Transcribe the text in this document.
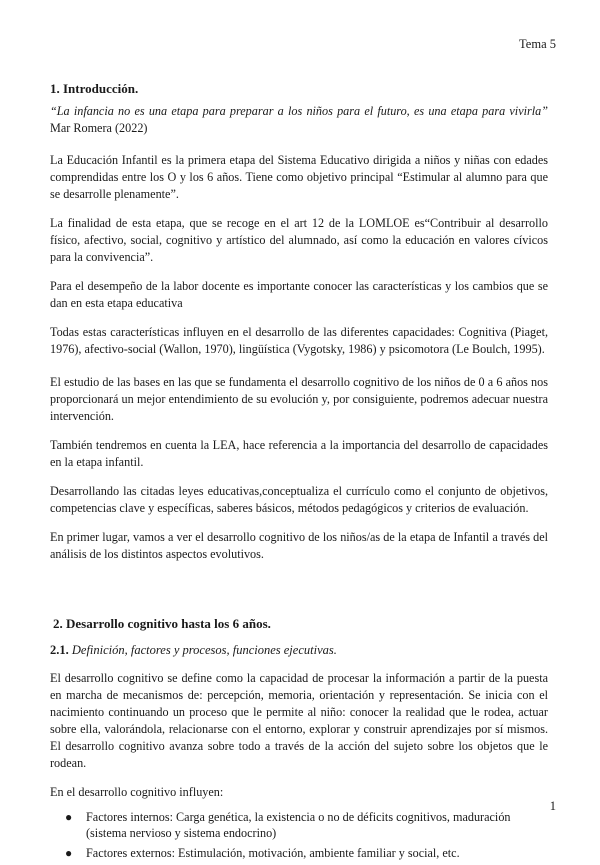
Tema 5
1. Introducción.

“La infancia no es una etapa para preparar a los niños para el futuro, es una etapa para vivirla” Mar Romera (2022)

La Educación Infantil es la primera etapa del Sistema Educativo dirigida a niños y niñas con edades comprendidas entre los O y los 6 años. Tiene como objetivo principal “Estimular al alumno para que se desarrolle plenamente”.

La finalidad de esta etapa, que se recoge en el art 12 de la LOMLOE es“Contribuir al desarrollo físico, afectivo, social, cognitivo y artístico del alumnado, así como la educación en valores cívicos para la convivencia”.

Para el desempeño de la labor docente es importante conocer las características y los cambios que se dan en esta etapa educativa

Todas estas características influyen en el desarrollo de las diferentes capacidades: Cognitiva (Piaget, 1976), afectivo-social (Wallon, 1970), lingüística (Vygotsky, 1986) y psicomotora (Le Boulch, 1995).

El estudio de las bases en las que se fundamenta el desarrollo cognitivo de los niños de 0 a 6 años nos proporcionará un mejor entendimiento de su evolución y, por consiguiente, podremos adecuar nuestra intervención.

También tendremos en cuenta la LEA, hace referencia a la importancia del desarrollo de capacidades en la etapa infantil.

Desarrollando las citadas leyes educativas,conceptualiza el currículo como el conjunto de objetivos, competencias clave y específicas, saberes básicos, métodos pedagógicos y criterios de evaluación.

En primer lugar, vamos a ver el desarrollo cognitivo de los niños/as de la etapa de Infantil a través del análisis de los distintos aspectos evolutivos.

2. Desarrollo cognitivo hasta los 6 años.
2.1. Definición, factores y procesos, funciones ejecutivas.

El desarrollo cognitivo se define como la capacidad de procesar la información a partir de la puesta en marcha de mecanismos de: percepción, memoria, orientación y representación. Se inicia con el nacimiento continuando un proceso que le permite al niño: conocer la realidad que le rodea, actuar sobre ella, valorándola, relacionarse con el entorno, explorar y construir aprendizajes por sí mismos. El desarrollo cognitivo avanza sobre todo a través de la acción del sujeto sobre los objetos que le rodean.

En el desarrollo cognitivo influyen:

● Factores internos: Carga genética, la existencia o no de déficits cognitivos, maduración (sistema nervioso y sistema endocrino)
● Factores externos: Estimulación, motivación, ambiente familiar y social, etc.
1
